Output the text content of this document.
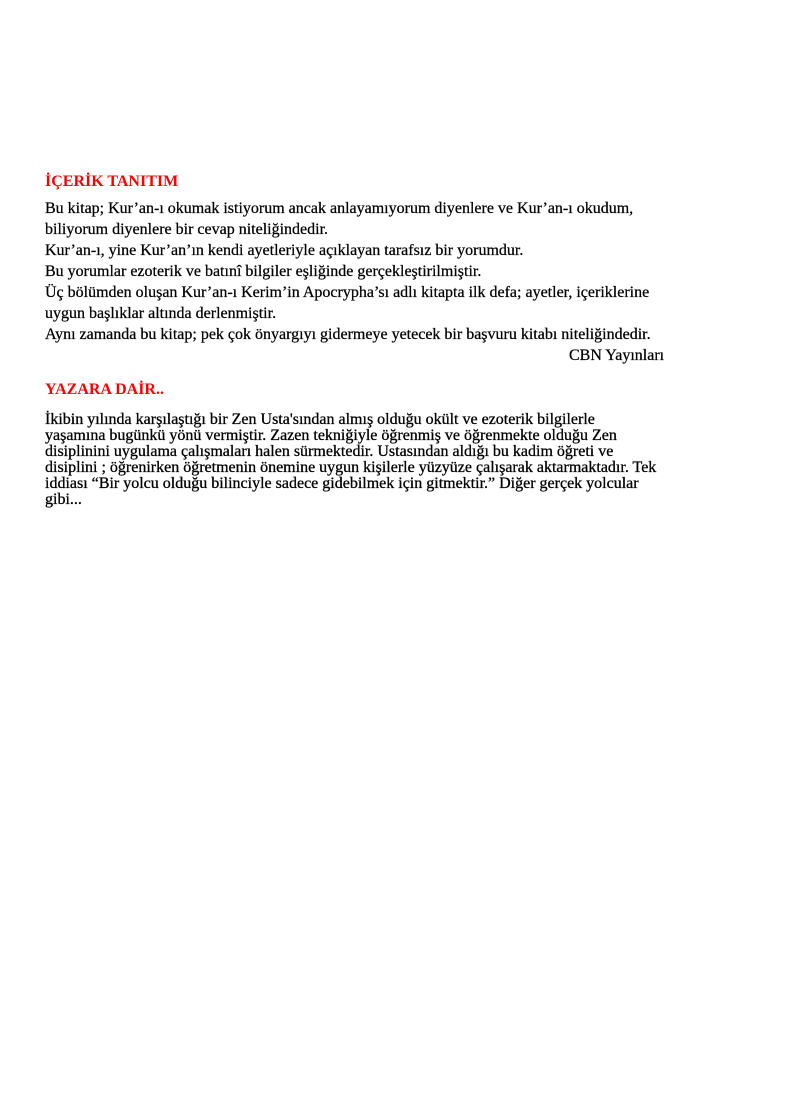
İÇERİK TANITIM

Bu kitap; Kur’an-ı okumak istiyorum ancak anlayamıyorum diyenlere ve Kur’an-ı okudum,

biliyorum diyenlere bir cevap niteliğindedir.

Kur’an-ı, yine Kur’an’ın kendi ayetleriyle açıklayan tarafsız bir yorumdur.

Bu yorumlar ezoterik ve batınî bilgiler eşliğinde gerçekleştirilmiştir.

Üç bölümden oluşan Kur’an-ı Kerim’in Apocrypha’sı adlı kitapta ilk defa; ayetler, içeriklerine

uygun başlıklar altında derlenmiştir.

Aynı zamanda bu kitap; pek çok önyargıyı gidermeye yetecek bir başvuru kitabı niteliğindedir.

CBN Yayınları

YAZARA DAİR..

İkibin yılında karşılaştığı bir Zen Usta'sından almış olduğu okült ve ezoterik bilgilerle

yaşamına bugünkü yönü vermiştir. Zazen tekniğiyle öğrenmiş ve öğrenmekte olduğu Zen

disiplinini uygulama çalışmaları halen sürmektedir. Ustasından aldığı bu kadim öğreti ve

disiplini ; öğrenirken öğretmenin önemine uygun kişilerle yüzyüze çalışarak aktarmaktadır. Tek

iddiası “Bir yolcu olduğu bilinciyle sadece gidebilmek için gitmektir.” Diğer gerçek yolcular

gibi...
